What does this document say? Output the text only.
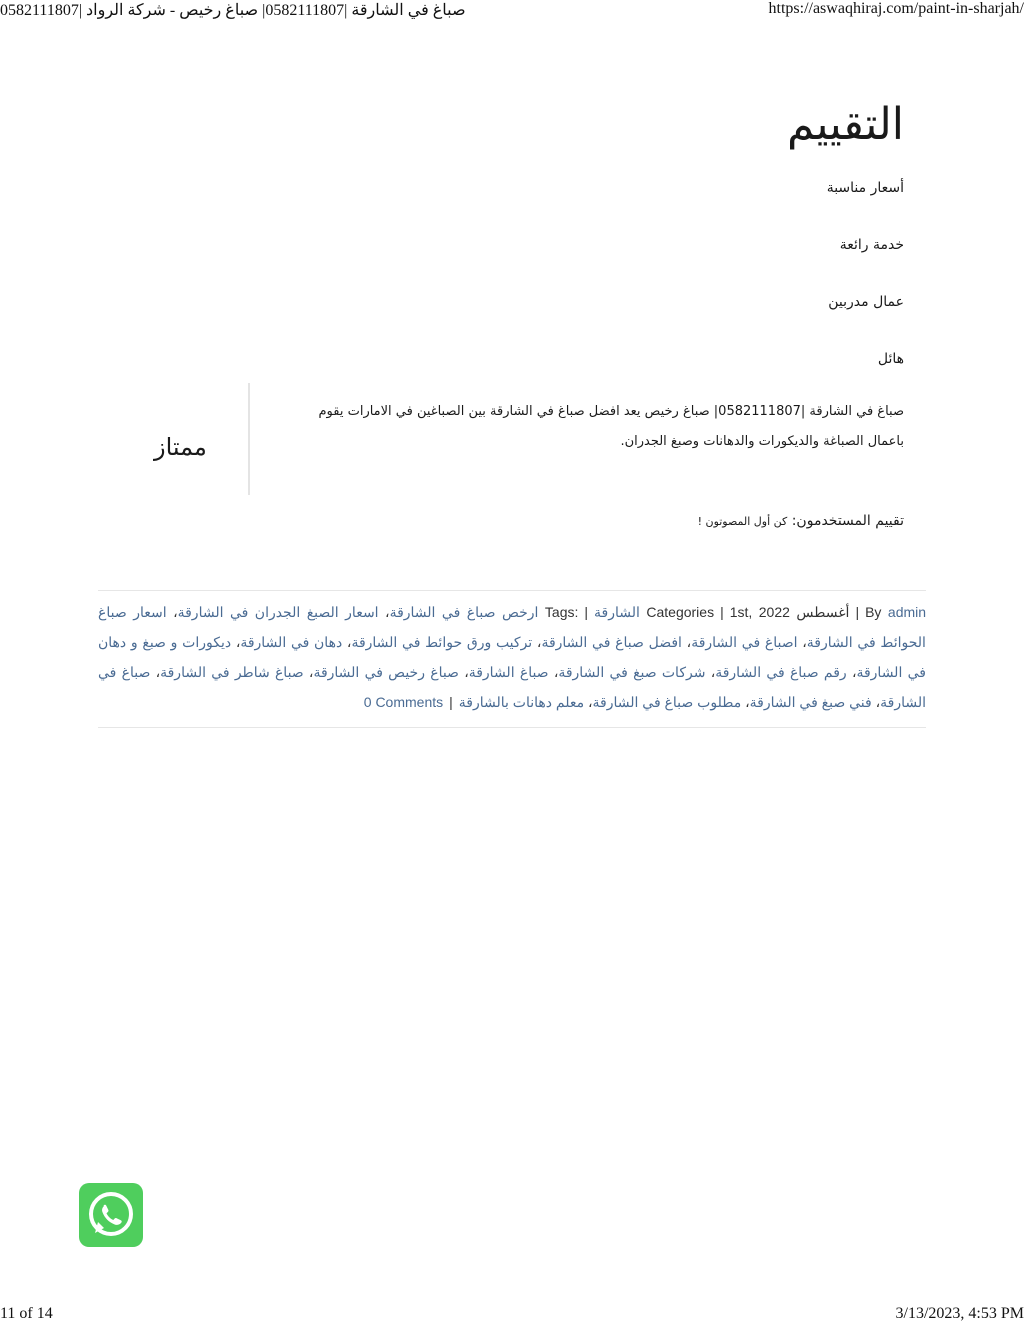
صباغ في الشارقة |0582111807| صباغ رخيص - شركة الرواد |0582111807	https://aswaqhiraj.com/paint-in-sharjah/
التقييم
أسعار مناسبة
خدمة رائعة
عمال مدربين
هائل
صباغ في الشارقة |0582111807| صباغ رخيص يعد افضل صباغ في الشارقة بين الصباغين في الامارات يقوم باعمال الصباغة والديكورات والدهانات وصبغ الجدران.
ممتاز
تقييم المستخدمون: كن أول المصوتون !
By admin|أغسطس 1st, 2022|Categories الشارقة|Tags: ارخص صباغ في الشارقة، اسعار الصبغ الجدران في الشارقة، اسعار صباغ الحوائط في الشارقة، اصباغ في الشارقة، افضل صباغ في الشارقة، تركيب ورق حوائط في الشارقة، دهان في الشارقة، ديكورات و صبغ و دهان في الشارقة، رقم صباغ في الشارقة، شركات صبغ في الشارقة، صباغ الشارقة، صباغ رخيص في الشارقة، صباغ شاطر في الشارقة، صباغ في الشارقة، فني صبغ في الشارقة، مطلوب صباغ في الشارقة، معلم دهانات بالشارقة|0 Comments
11 of 14	3/13/2023, 4:53 PM
